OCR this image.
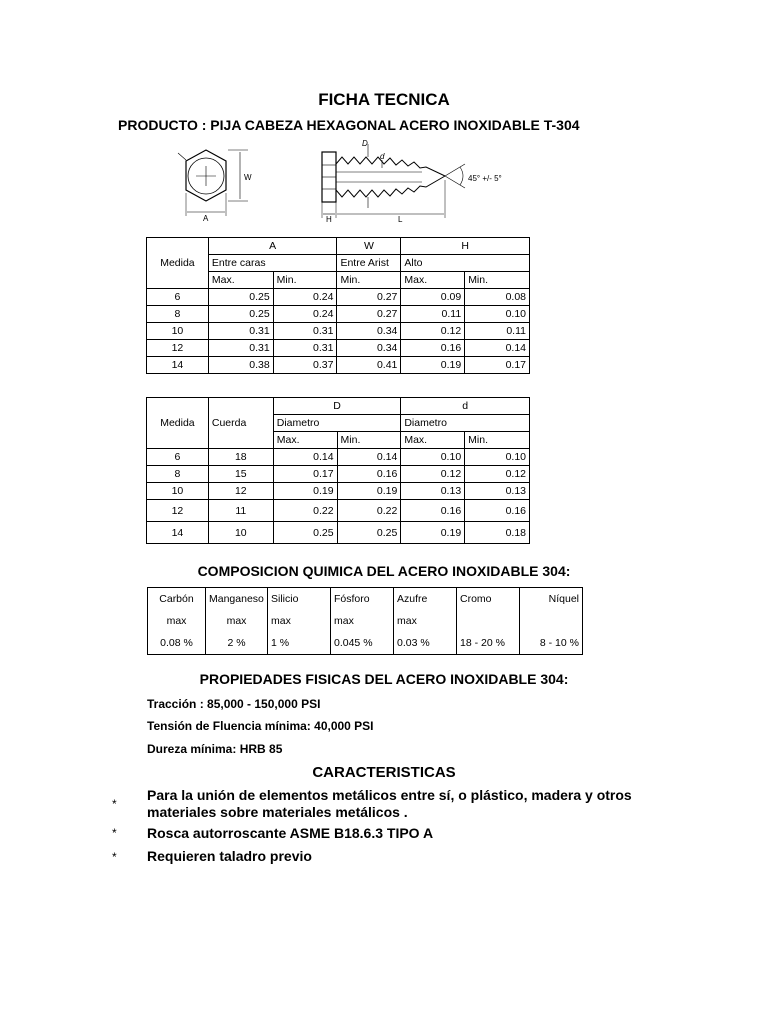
FICHA TECNICA
PRODUCTO : PIJA CABEZA HEXAGONAL ACERO INOXIDABLE T-304
W
A	H	L
D
d
45° +/- 5°
Medida	A		W	H	
	Entre caras		Entre Arist	Alto	
	Max.	Min.	Min.	Max.	Min.
6	0.25	0.24	0.27	0.09	0.08
8	0.25	0.24	0.27	0.11	0.10
10	0.31	0.31	0.34	0.12	0.11
12	0.31	0.31	0.34	0.16	0.14
14	0.38	0.37	0.41	0.19	0.17
Medida	Cuerda	D		d	
		Diametro		Diametro	
		Max.	Min.	Max.	Min.
6	18	0.14	0.14	0.10	0.10
8	15	0.17	0.16	0.12	0.12
10	12	0.19	0.19	0.13	0.13
12	11	0.22	0.22	0.16	0.16
14	10	0.25	0.25	0.19	0.18
COMPOSICION QUIMICA DEL ACERO INOXIDABLE 304:
Carbón	Manganeso	Silicio	Fósforo	Azufre	Cromo	Níquel
max	max	max	max	max		
0.08 %	2 %	1 %	0.045 %	0.03 %	18 - 20 %	8 - 10 %
PROPIEDADES FISICAS DEL ACERO INOXIDABLE 304:
Tracción : 85,000 - 150,000 PSI
Tensión de Fluencia mínima: 40,000 PSI
Dureza mínima: HRB 85
CARACTERISTICAS
*
Para la unión de elementos metálicos entre sí, o plástico, madera y otros materiales sobre materiales metálicos .
* Rosca autorroscante ASME B18.6.3 TIPO A
* Requieren taladro previo
